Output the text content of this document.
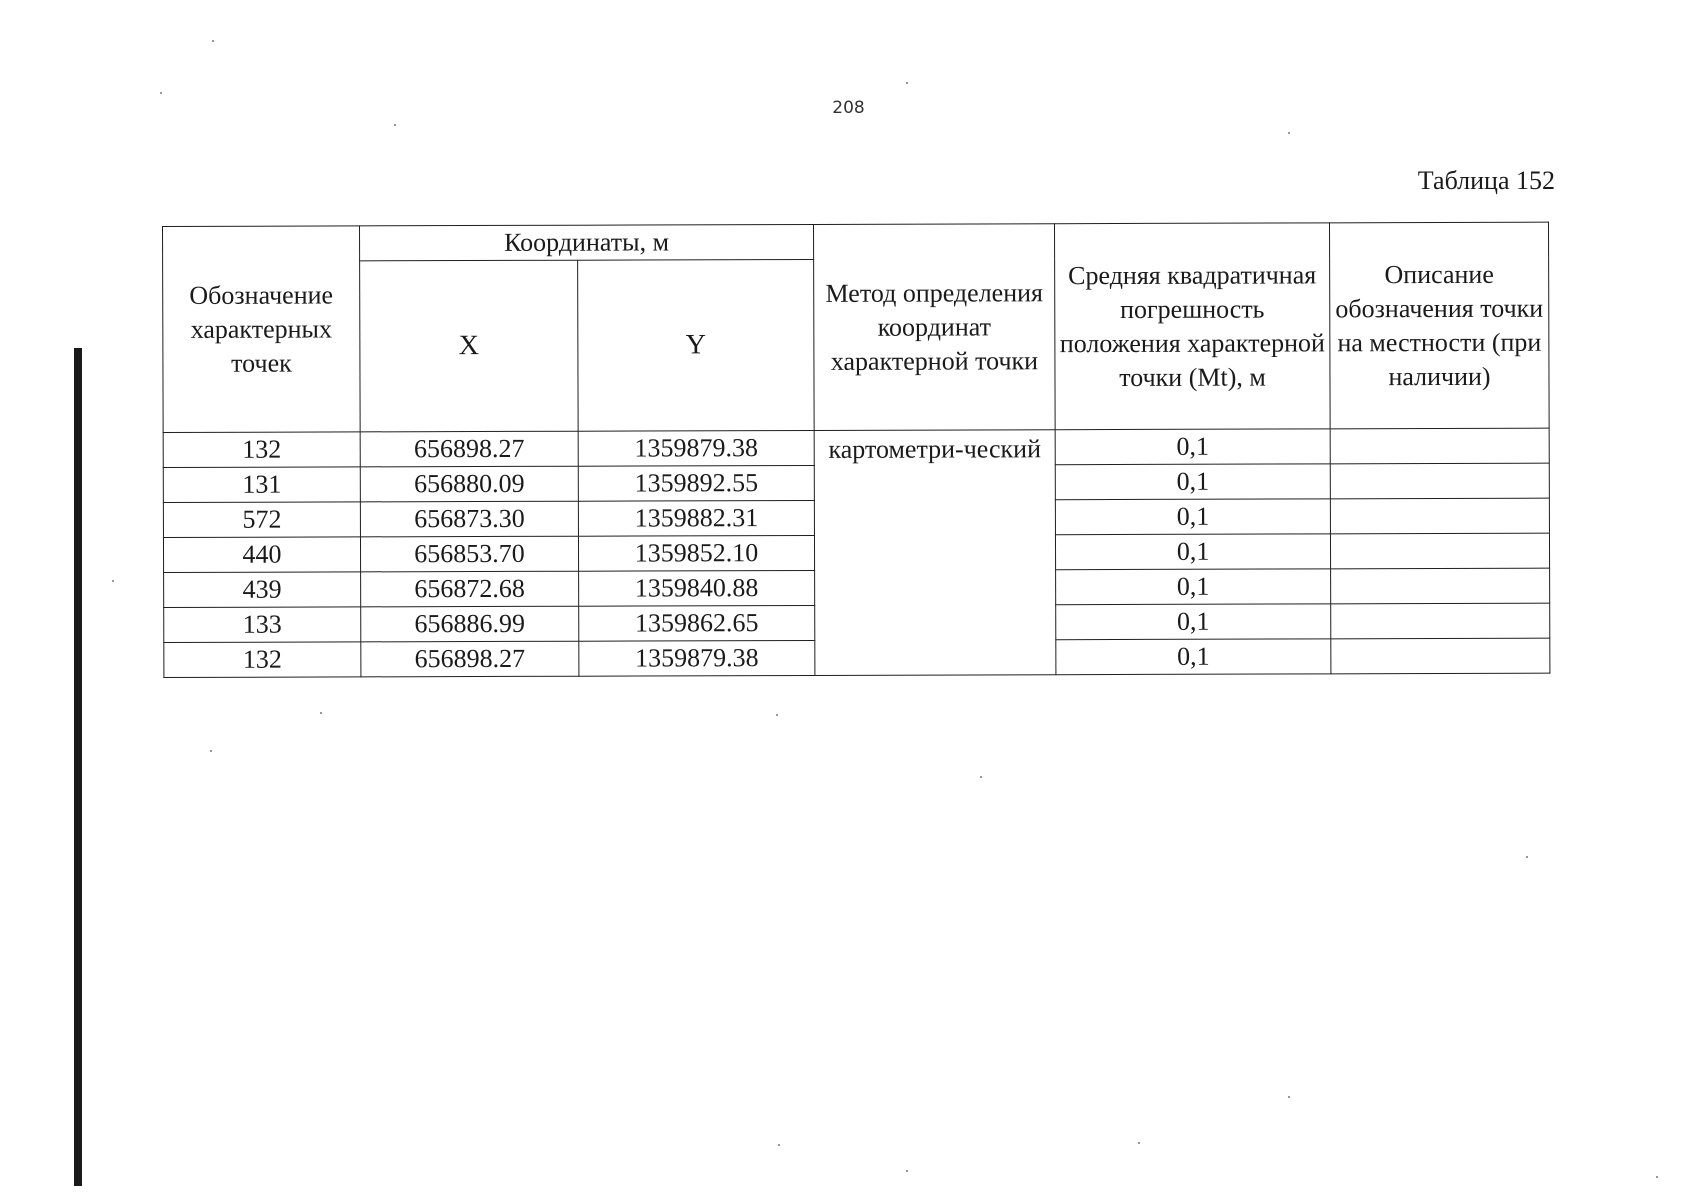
208
Таблица 152
Обозначение характерных точек	Координаты, м		Метод определения координат характерной точки	Средняя квадратичная погрешность положения характерной точки (Mt), м	Описание обозначения точки на местности (при наличии)
	X	Y			
132	656898.27	1359879.38	картометри-ческий	0,1	
131	656880.09	1359892.55		0,1	
572	656873.30	1359882.31		0,1	
440	656853.70	1359852.10		0,1	
439	656872.68	1359840.88		0,1	
133	656886.99	1359862.65		0,1	
132	656898.27	1359879.38		0,1	
